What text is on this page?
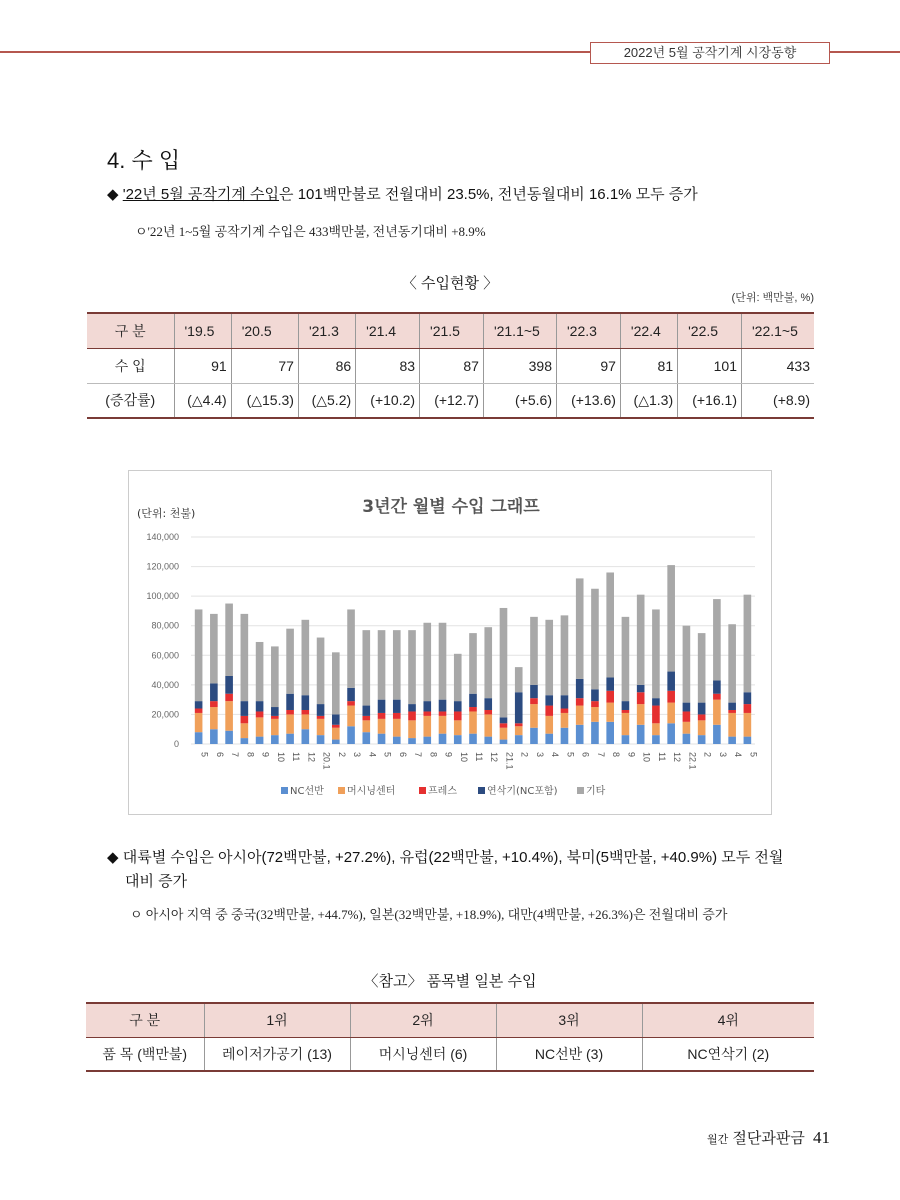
2022년 5월 공작기계 시장동향
4. 수 입
◆ '22년 5월 공작기계 수입은 101백만불로 전월대비 23.5%, 전년동월대비 16.1% 모두 증가
ㅇ'22년 1~5월 공작기계 수입은 433백만불, 전년동기대비 +8.9%
〈 수입현황 〉
(단위: 백만불, %)
구 분	'19.5	'20.5	'21.3	'21.4	'21.5	'21.1~5	'22.3	'22.4	'22.5	'22.1~5
수 입	91	77	86	83	87	398	97	81	101	433
(증감률)	(△4.4)	(△15.3)	(△5.2)	(+10.2)	(+12.7)	(+5.6)	(+13.6)	(△1.3)	(+16.1)	(+8.9)
3년간 월별 수입 그래프
(단위: 천불)
0
20,000
40,000
60,000
80,000
100,000
120,000
140,000
5 6 7 8 9 10 11 12 20.1 2 3 4 5 6 7 8 9 10 11 12 21.1 2 3 4 5 6 7 8 9 10 11 12 22.1 2 3 4 5
NC선반 머시닝센터	프레스	연삭기(NC포함)	기타
◆ 대륙별 수입은 아시아(72백만불, +27.2%), 유럽(22백만불, +10.4%), 북미(5백만불, +40.9%) 모두 전월
대비 증가
ㅇ 아시아 지역 중 중국(32백만불, +44.7%), 일본(32백만불, +18.9%), 대만(4백만불, +26.3%)은 전월대비 증가
〈참고〉 품목별 일본 수입
구 분	1위	2위	3위	4위
품 목 (백만불)	레이저가공기 (13)	머시닝센터 (6)	NC선반 (3)	NC연삭기 (2)
월간 절단과판금 41
